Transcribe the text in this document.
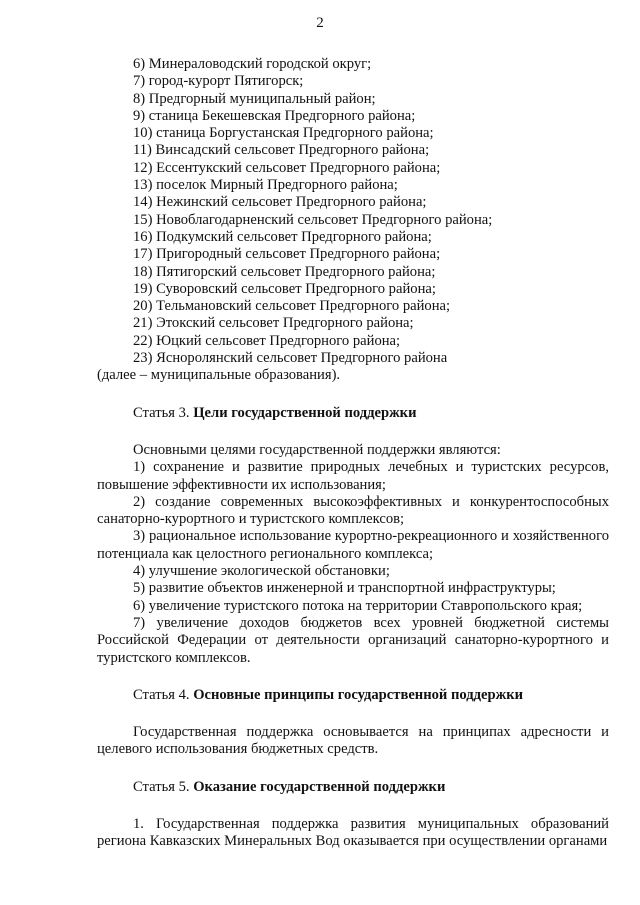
2

6) Минераловодский городской округ;

7) город-курорт Пятигорск;

8) Предгорный муниципальный район;

9) станица Бекешевская Предгорного района;

10) станица Боргустанская Предгорного района;

11) Винсадский сельсовет Предгорного района;

12) Ессентукский сельсовет Предгорного района;

13) поселок Мирный Предгорного района;

14) Нежинский сельсовет Предгорного района;

15) Новоблагодарненский сельсовет Предгорного района;

16) Подкумский сельсовет Предгорного района;

17) Пригородный сельсовет Предгорного района;

18) Пятигорский сельсовет Предгорного района;

19) Суворовский сельсовет Предгорного района;

20) Тельмановский сельсовет Предгорного района;

21) Этокский сельсовет Предгорного района;

22) Юцкий сельсовет Предгорного района;

23) Ясноpолянский сельсовет Предгорного района

(далее – муниципальные образования).

Статья 3. Цели государственной поддержки

Основными целями государственной поддержки являются:

1) сохранение и развитие природных лечебных и туристских ресурсов, повышение эффективности их использования;

2) создание современных высокоэффективных и конкурентоспособных санаторно-курортного и туристского комплексов;

3) рациональное использование курортно-рекреационного и хозяйственного потенциала как целостного регионального комплекса;

4) улучшение экологической обстановки;

5) развитие объектов инженерной и транспортной инфраструктуры;

6) увеличение туристского потока на территории Ставропольского края;

7) увеличение доходов бюджетов всех уровней бюджетной системы Российской Федерации от деятельности организаций санаторно-курортного и туристского комплексов.

Статья 4. Основные принципы государственной поддержки

Государственная поддержка основывается на принципах адресности и целевого использования бюджетных средств.

Статья 5. Оказание государственной поддержки

1. Государственная поддержка развития муниципальных образований региона Кавказских Минеральных Вод оказывается при осуществлении органами
